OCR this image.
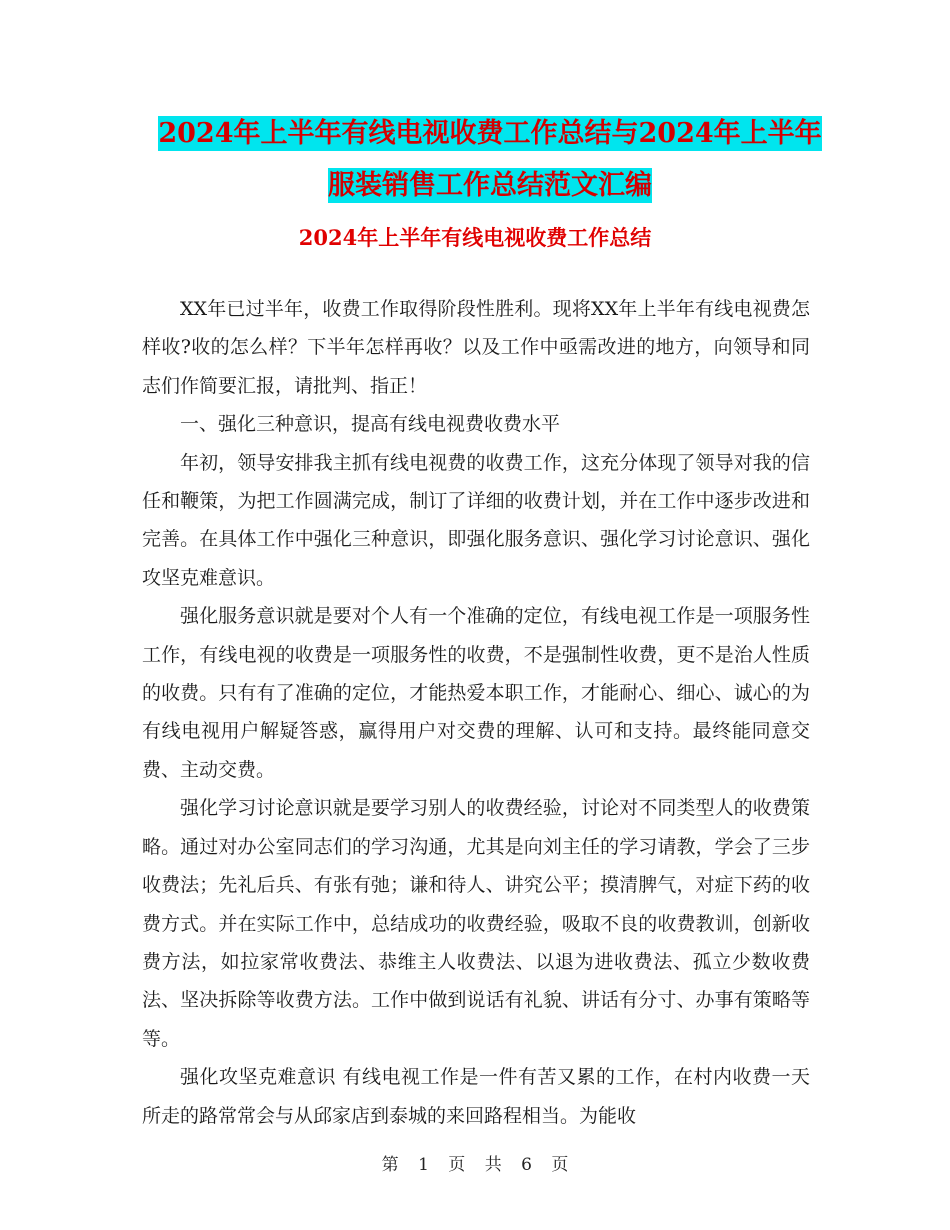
2024年上半年有线电视收费工作总结与2024年上半年
服装销售工作总结范文汇编
2024年上半年有线电视收费工作总结

XX年已过半年，收费工作取得阶段性胜利。现将XX年上半年有线电视费怎样收?收的怎么样？下半年怎样再收？以及工作中亟需改进的地方，向领导和同志们作简要汇报，请批判、指正！

一、强化三种意识，提高有线电视费收费水平

年初，领导安排我主抓有线电视费的收费工作，这充分体现了领导对我的信任和鞭策，为把工作圆满完成，制订了详细的收费计划，并在工作中逐步改进和完善。在具体工作中强化三种意识，即强化服务意识、强化学习讨论意识、强化攻坚克难意识。

强化服务意识就是要对个人有一个准确的定位，有线电视工作是一项服务性工作，有线电视的收费是一项服务性的收费，不是强制性收费，更不是治人性质的收费。只有有了准确的定位，才能热爱本职工作，才能耐心、细心、诚心的为有线电视用户解疑答惑，赢得用户对交费的理解、认可和支持。最终能同意交费、主动交费。

强化学习讨论意识就是要学习别人的收费经验，讨论对不同类型人的收费策略。通过对办公室同志们的学习沟通，尤其是向刘主任的学习请教，学会了三步收费法；先礼后兵、有张有弛；谦和待人、讲究公平；摸清脾气，对症下药的收费方式。并在实际工作中，总结成功的收费经验，吸取不良的收费教训，创新收费方法，如拉家常收费法、恭维主人收费法、以退为进收费法、孤立少数收费法、坚决拆除等收费方法。工作中做到说话有礼貌、讲话有分寸、办事有策略等等。

强化攻坚克难意识 有线电视工作是一件有苦又累的工作，在村内收费一天所走的路常常会与从邱家店到泰城的来回路程相当。为能收

第 1 页 共 6 页
